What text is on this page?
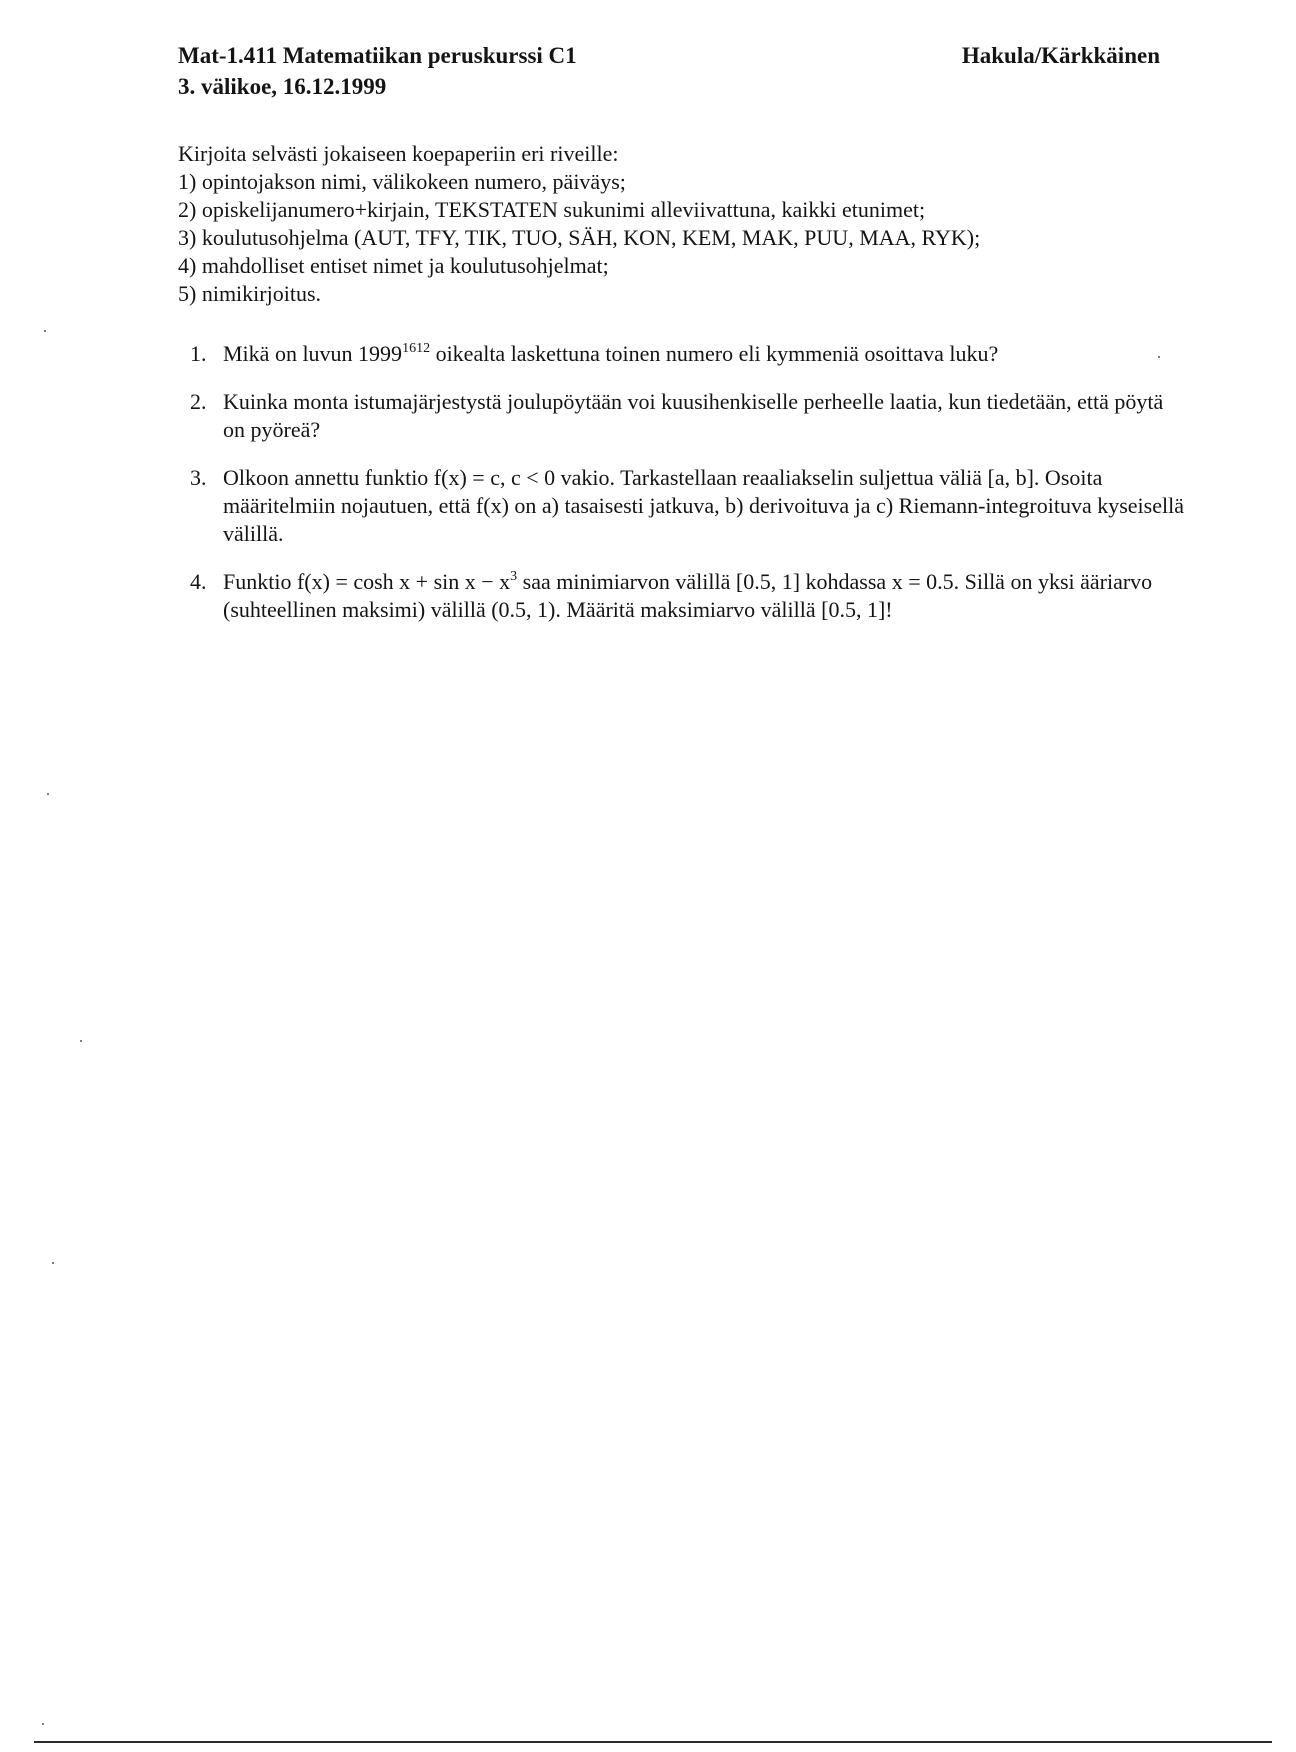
Mat-1.411 Matematiikan peruskurssi C1
3. välikoe, 16.12.1999
Hakula/Kärkkäinen
Kirjoita selvästi jokaiseen koepaperiin eri riveille:
1) opintojakson nimi, välikokeen numero, päiväys;
2) opiskelijanumero+kirjain, TEKSTATEN sukunimi alleviivattuna, kaikki etunimet;
3) koulutusohjelma (AUT, TFY, TIK, TUO, SÄH, KON, KEM, MAK, PUU, MAA, RYK);
4) mahdolliset entiset nimet ja koulutusohjelmat;
5) nimikirjoitus.
1. Mikä on luvun $1999^{1612}$ oikealta laskettuna toinen numero eli kymmeniä osoittava luku?
2. Kuinka monta istumajärjestystä joulupöytään voi kuusihenkiselle perheelle laatia, kun tiedetään, että pöytä on pyöreä?
3. Olkoon annettu funktio f(x) = c, c < 0 vakio. Tarkastellaan reaaliakselin suljettua väliä [a, b]. Osoita määritelmiin nojautuen, että f(x) on a) tasaisesti jatkuva, b) derivoituva ja c) Riemann-integroituva kyseisellä välillä.
4. Funktio $f(x) = \cosh x + \sin x - x^3$ saa minimiarvon välillä [0.5, 1] kohdassa x = 0.5. Sillä on yksi ääriarvo (suhteellinen maksimi) välillä (0.5, 1). Määritä maksimiarvo välillä [0.5, 1]!
